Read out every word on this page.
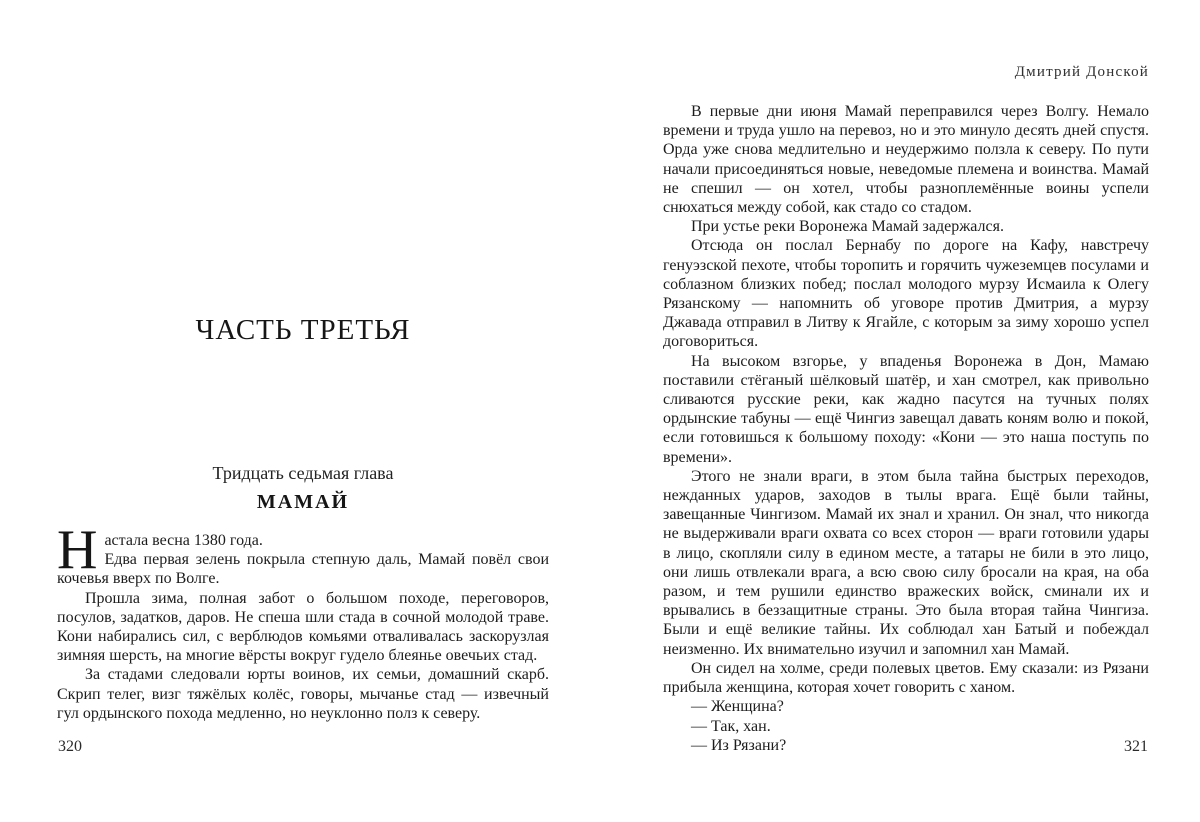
ЧАСТЬ ТРЕТЬЯ
Тридцать седьмая глава
МАМАЙ
Н астала весна 1380 года.

Едва первая зелень покрыла степную даль, Мамай повёл свои кочевья вверх по Волге.

Прошла зима, полная забот о большом походе, переговоров, посулов, задатков, даров. Не спеша шли стада в сочной молодой траве. Кони набирались сил, с верблюдов комьями отваливалась заскорузлая зимняя шерсть, на многие вёрсты вокруг гудело блеянье овечьих стад.

За стадами следовали юрты воинов, их семьи, домашний скарб. Скрип телег, визг тяжёлых колёс, говоры, мычанье стад — извечный гул ордынского похода медленно, но неуклонно полз к северу.

320
Дмитрий Донской

В первые дни июня Мамай переправился через Волгу. Немало времени и труда ушло на перевоз, но и это минуло десять дней спустя. Орда уже снова медлительно и неудержимо ползла к северу. По пути начали присоединяться новые, неведомые племена и воинства. Мамай не спешил — он хотел, чтобы разноплемённые воины успели снюхаться между собой, как стадо со стадом.

При устье реки Воронежа Мамай задержался.

Отсюда он послал Бернабу по дороге на Кафу, навстречу генуэзской пехоте, чтобы торопить и горячить чужеземцев посулами и соблазном близких побед; послал молодого мурзу Исмаила к Олегу Рязанскому — напомнить об уговоре против Дмитрия, а мурзу Джавада отправил в Литву к Ягайле, с которым за зиму хорошо успел договориться.

На высоком взгорье, у впаденья Воронежа в Дон, Мамаю поставили стёганый шёлковый шатёр, и хан смотрел, как привольно сливаются русские реки, как жадно пасутся на тучных полях ордынские табуны — ещё Чингиз завещал давать коням волю и покой, если готовишься к большому походу: «Кони — это наша поступь по времени».

Этого не знали враги, в этом была тайна быстрых переходов, нежданных ударов, заходов в тылы врага. Ещё были тайны, завещанные Чингизом. Мамай их знал и хранил. Он знал, что никогда не выдерживали враги охвата со всех сторон — враги готовили удары в лицо, скопляли силу в едином месте, а татары не били в это лицо, они лишь отвлекали врага, а всю свою силу бросали на края, на оба разом, и тем рушили единство вражеских войск, сминали их и врывались в беззащитные страны. Это была вторая тайна Чингиза. Были и ещё великие тайны. Их соблюдал хан Батый и побеждал неизменно. Их внимательно изучил и запомнил хан Мамай.

Он сидел на холме, среди полевых цветов. Ему сказали: из Рязани прибыла женщина, которая хочет говорить с ханом.

— Женщина?

— Так, хан.

— Из Рязани?	321
